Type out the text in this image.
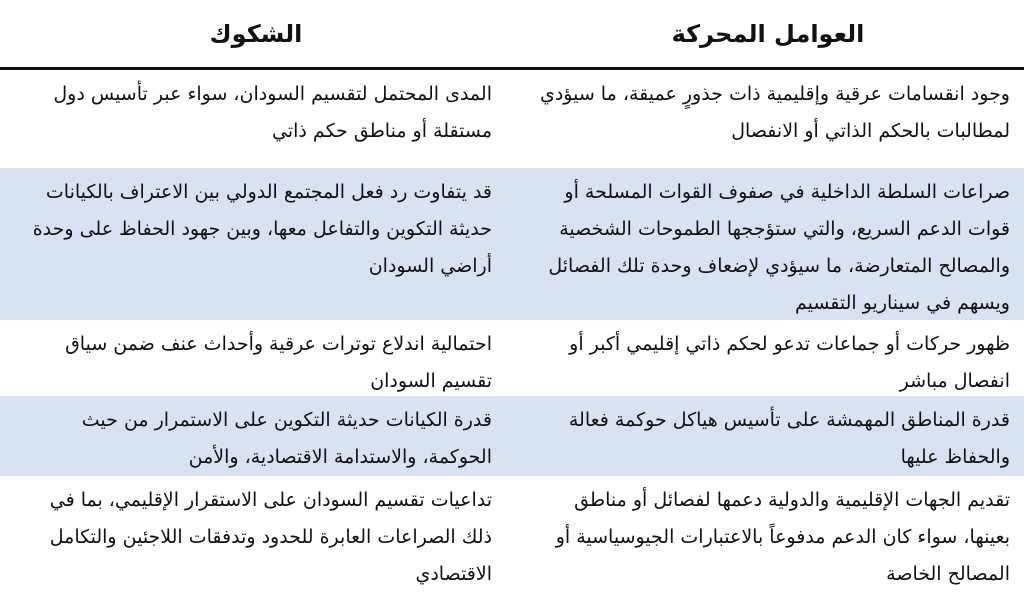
العوامل المحركة
الشكوك
وجود انقسامات عرقية وإقليمية ذات جذورٍ عميقة، ما سيؤدي لمطالبات بالحكم الذاتي أو الانفصال
المدى المحتمل لتقسيم السودان، سواء عبر تأسيس دول مستقلة أو مناطق حكم ذاتي
صراعات السلطة الداخلية في صفوف القوات المسلحة أو قوات الدعم السريع، والتي ستؤججها الطموحات الشخصية والمصالح المتعارضة، ما سيؤدي لإضعاف وحدة تلك الفصائل ويسهم في سيناريو التقسيم
قد يتفاوت رد فعل المجتمع الدولي بين الاعتراف بالكيانات حديثة التكوين والتفاعل معها، وبين جهود الحفاظ على وحدة أراضي السودان
ظهور حركات أو جماعات تدعو لحكم ذاتي إقليمي أكبر أو انفصال مباشر
احتمالية اندلاع توترات عرقية وأحداث عنف ضمن سياق تقسيم السودان
قدرة المناطق المهمشة على تأسيس هياكل حوكمة فعالة والحفاظ عليها
قدرة الكيانات حديثة التكوين على الاستمرار من حيث الحوكمة، والاستدامة الاقتصادية، والأمن
تقديم الجهات الإقليمية والدولية دعمها لفصائل أو مناطق بعينها، سواء كان الدعم مدفوعاً بالاعتبارات الجيوسياسية أو المصالح الخاصة
تداعيات تقسيم السودان على الاستقرار الإقليمي، بما في ذلك الصراعات العابرة للحدود وتدفقات اللاجئين والتكامل الاقتصادي
